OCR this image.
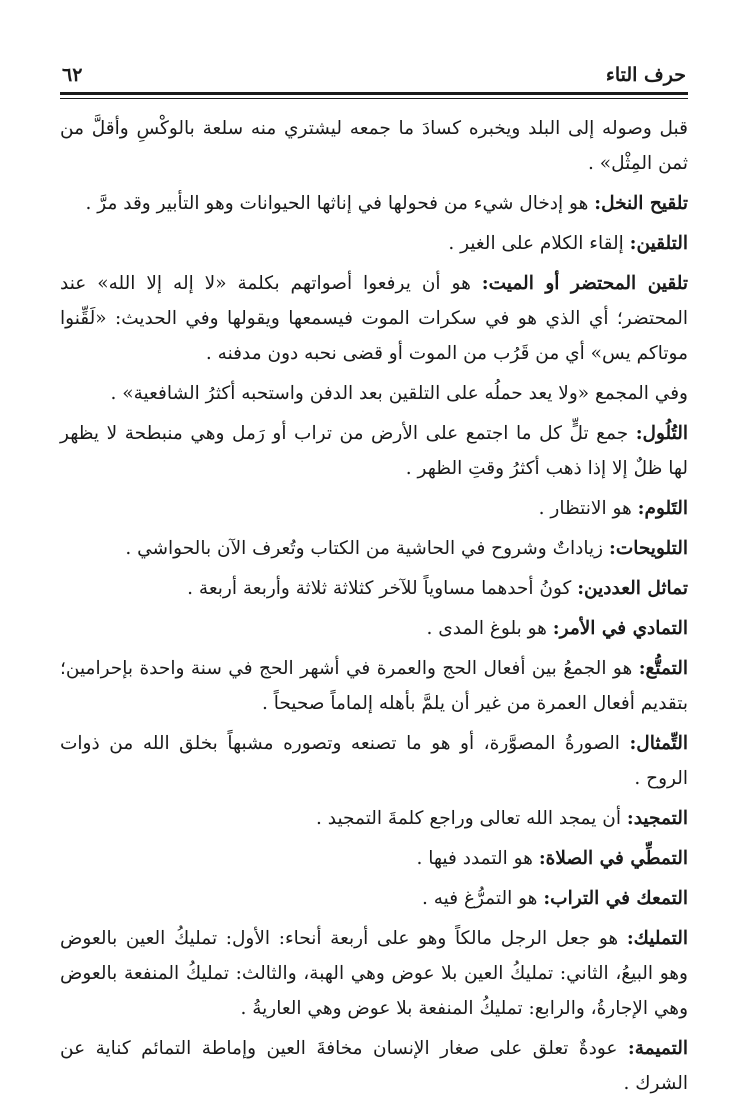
حرف التاء
٦٢

قبل وصوله إلى البلد ويخبره كسادَ ما جمعه ليشتري منه سلعة بالوكْسِ وأقلَّ من ثمن المِثْل» .

تلقيح النخل: هو إدخال شيء من فحولها في إناثها الحيوانات وهو التأبير وقد مرَّ .

التلقين: إلقاء الكلام على الغير .

تلقين المحتضر أو الميت: هو أن يرفعوا أصواتهم بكلمة «لا إله إلا الله» عند المحتضر؛ أي الذي هو في سكرات الموت فيسمعها ويقولها وفي الحديث: «لَقِّنوا موتاكم يس» أي من قَرُب من الموت أو قضى نحبه دون مدفنه .

وفي المجمع «ولا يعد حملُه على التلقين بعد الدفن واستحبه أكثرُ الشافعية» .

التُلُول: جمع تلٍّ كل ما اجتمع على الأرض من تراب أو رَمل وهي منبطحة لا يظهر لها ظلٌ إلا إذا ذهب أكثرُ وقتِ الظهر .

التَلوم: هو الانتظار .

التلويحات: زياداتٌ وشروح في الحاشية من الكتاب وتُعرف الآن بالحواشي .

تماثل العددين: كونُ أحدهما مساوياً للآخر كثلاثة ثلاثة وأربعة أربعة .

التمادي في الأمر: هو بلوغ المدى .

التمتُّع: هو الجمعُ بين أفعال الحج والعمرة في أشهر الحج في سنة واحدة بإحرامين؛ بتقديم أفعال العمرة من غير أن يلمَّ بأهله إلماماً صحيحاً .

التِّمثال: الصورةُ المصوَّرة، أو هو ما تصنعه وتصوره مشبهاً بخلق الله من ذوات الروح .

التمجيد: أن يمجد الله تعالى وراجع كلمةَ التمجيد .

التمطِّي في الصلاة: هو التمدد فيها .

التمعك في التراب: هو التمرُّغ فيه .

التمليك: هو جعل الرجل مالكاً وهو على أربعة أنحاء: الأول: تمليكُ العين بالعوض وهو البيعُ، الثاني: تمليكُ العين بلا عوض وهي الهبة، والثالث: تمليكُ المنفعة بالعوض وهي الإجارةُ، والرابع: تمليكُ المنفعة بلا عوض وهي العاريةُ .

التميمة: عودةٌ تعلق على صغار الإنسان مخافةَ العين وإماطة التمائم كناية عن الشرك .
